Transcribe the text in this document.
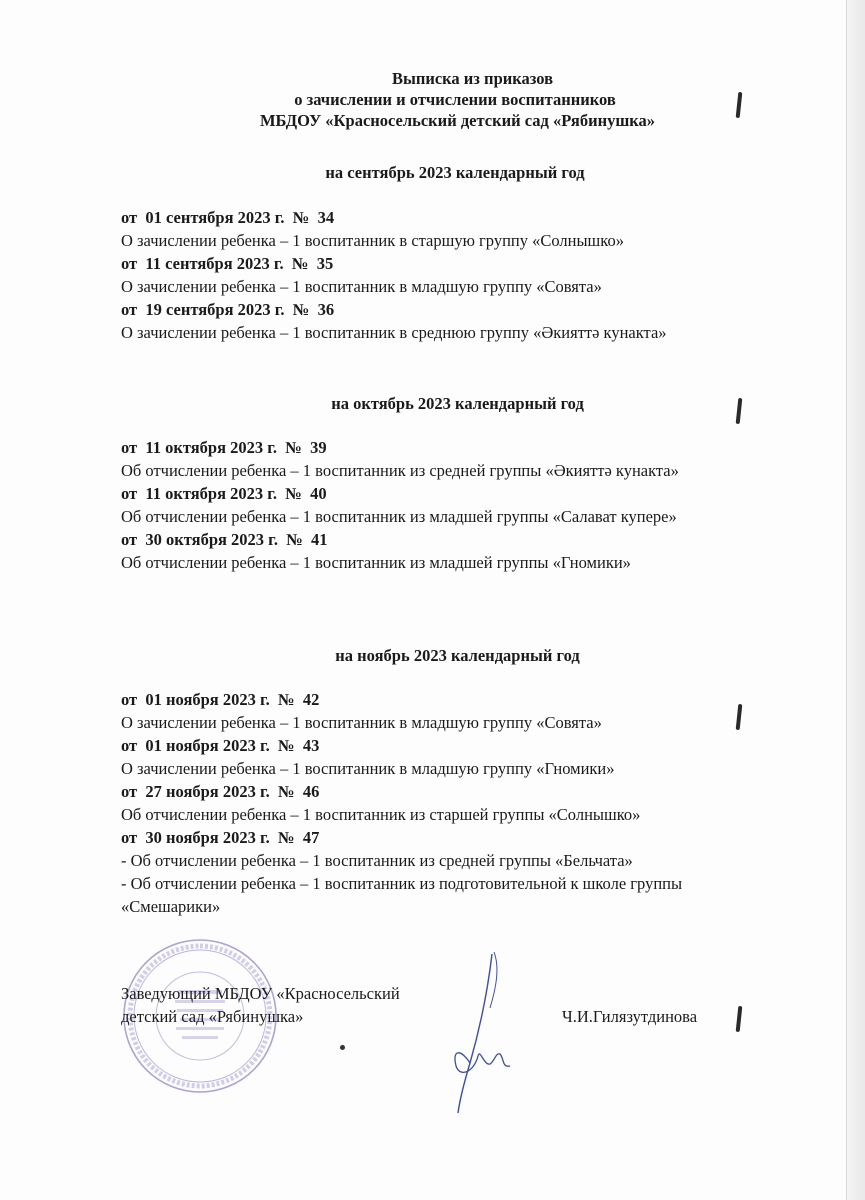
Выписка из приказов
о зачислении и отчислении воспитанников
МБДОУ «Красносельский детский сад «Рябинушка»
на сентябрь 2023 календарный год
от  01 сентября 2023 г.  №  34
О зачислении ребенка – 1 воспитанник в старшую группу «Солнышко»
от  11 сентября 2023 г.  №  35
О зачислении ребенка – 1 воспитанник в младшую группу «Совята»
от  19 сентября 2023 г.  №  36
О зачислении ребенка – 1 воспитанник в среднюю группу «Әкияттә кунакта»
на октябрь 2023 календарный год
от  11 октября 2023 г.  №  39
Об отчислении ребенка – 1 воспитанник из средней группы «Әкияттә кунакта»
от  11 октября 2023 г.  №  40
Об отчислении ребенка – 1 воспитанник из младшей группы «Салават купере»
от  30 октября 2023 г.  №  41
Об отчислении ребенка – 1 воспитанник из младшей группы «Гномики»
на ноябрь 2023 календарный год
от  01 ноября 2023 г.  №  42
О зачислении ребенка – 1 воспитанник в младшую группу «Совята»
от  01 ноября 2023 г.  №  43
О зачислении ребенка – 1 воспитанник в младшую группу «Гномики»
от  27 ноября 2023 г.  №  46
Об отчислении ребенка – 1 воспитанник из старшей группы «Солнышко»
от  30 ноября 2023 г.  №  47
- Об отчислении ребенка – 1 воспитанник из средней группы «Бельчата»
- Об отчислении ребенка – 1 воспитанник из подготовительной к школе группы «Смешарики»
Заведующий МБДОУ «Красносельский
детский сад «Рябинушка»	Ч.И.Гилязутдинова
